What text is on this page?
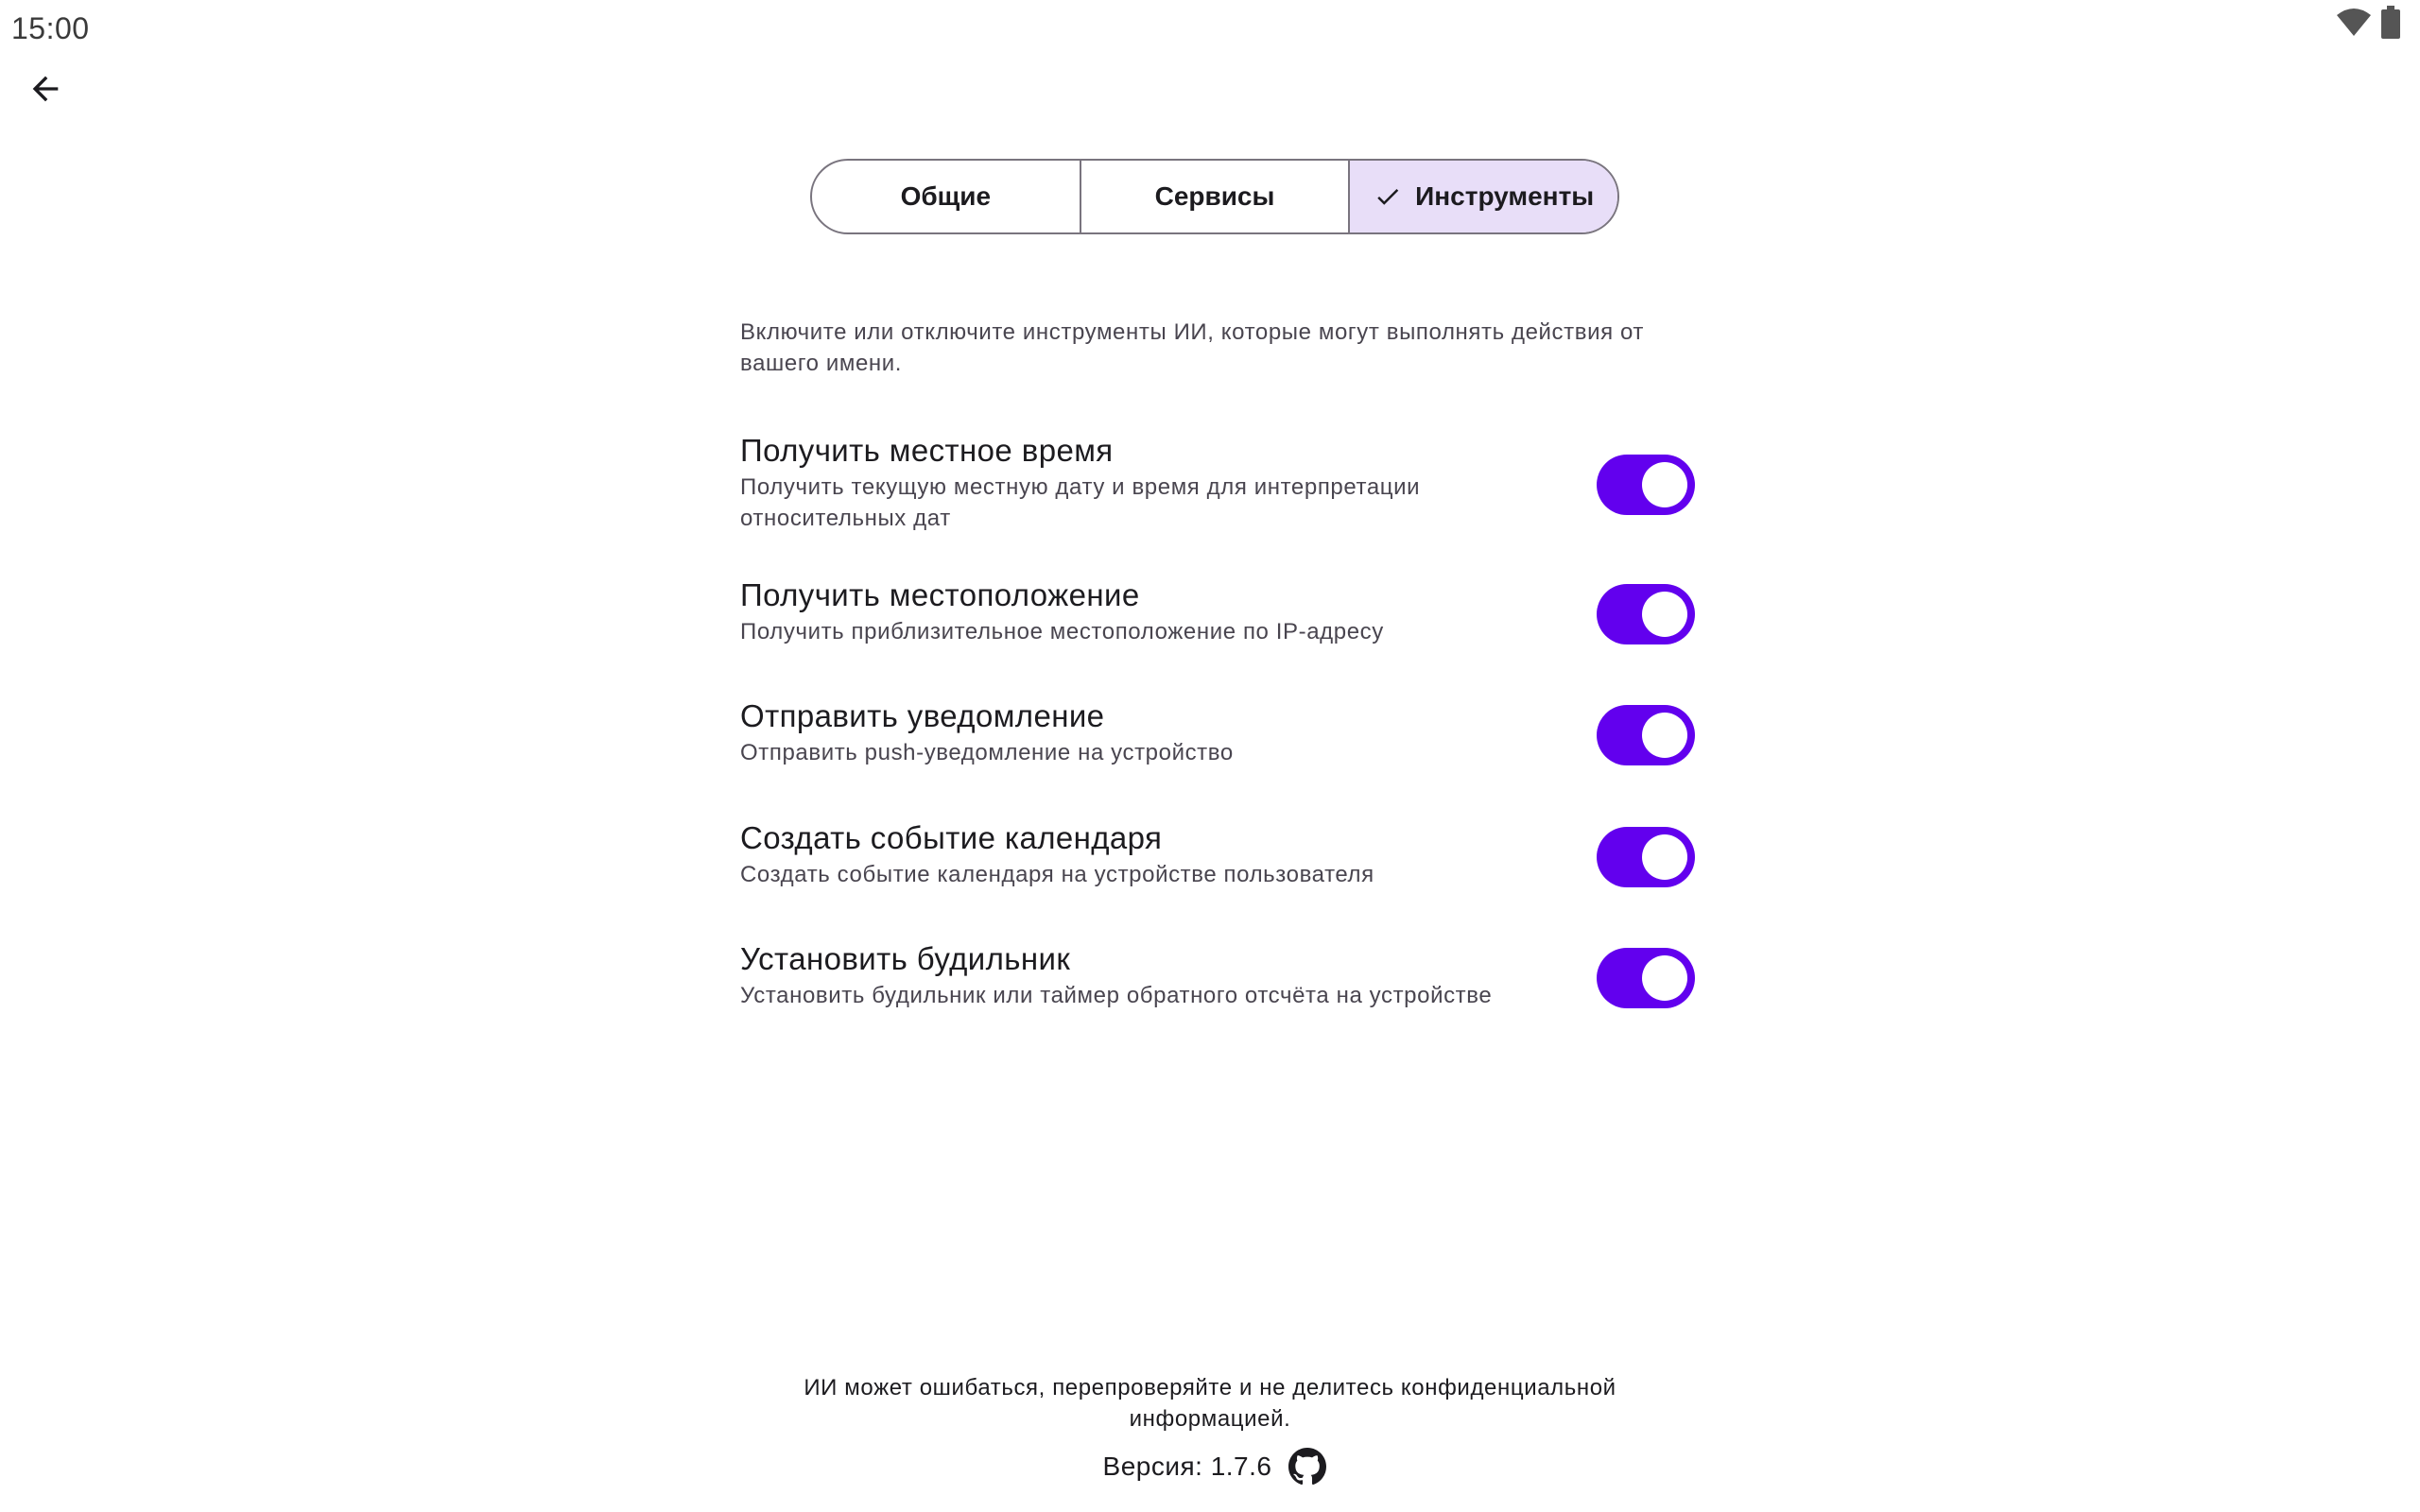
15:00
Общие	Сервисы	Инструменты

Включите или отключите инструменты ИИ, которые могут выполнять действия от вашего имени.

Получить местное время
Получить текущую местную дату и время для интерпретации относительных дат
Получить местоположение
Получить приблизительное местоположение по IP-адресу
Отправить уведомление
Отправить push-уведомление на устройство
Создать событие календаря
Создать событие календаря на устройстве пользователя
Установить будильник
Установить будильник или таймер обратного отсчёта на устройстве
ИИ может ошибаться, перепроверяйте и не делитесь конфиденциальной информацией.
Версия: 1.7.6
